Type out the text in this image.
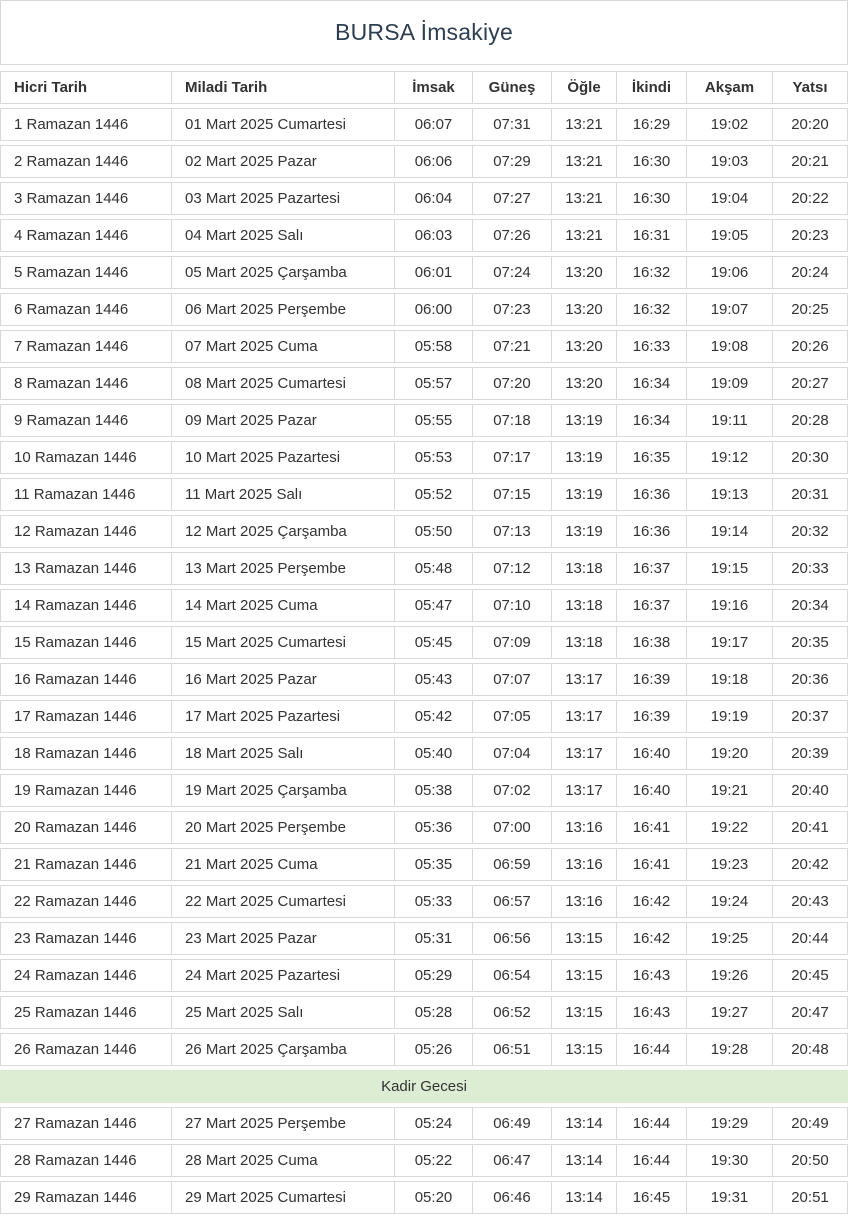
BURSA İmsakiye
Hicri Tarih	Miladi Tarih	İmsak	Güneş	Öğle	İkindi	Akşam	Yatsı
1 Ramazan 1446	01 Mart 2025 Cumartesi	06:07	07:31	13:21	16:29	19:02	20:20
2 Ramazan 1446	02 Mart 2025 Pazar	06:06	07:29	13:21	16:30	19:03	20:21
3 Ramazan 1446	03 Mart 2025 Pazartesi	06:04	07:27	13:21	16:30	19:04	20:22
4 Ramazan 1446	04 Mart 2025 Salı	06:03	07:26	13:21	16:31	19:05	20:23
5 Ramazan 1446	05 Mart 2025 Çarşamba	06:01	07:24	13:20	16:32	19:06	20:24
6 Ramazan 1446	06 Mart 2025 Perşembe	06:00	07:23	13:20	16:32	19:07	20:25
7 Ramazan 1446	07 Mart 2025 Cuma	05:58	07:21	13:20	16:33	19:08	20:26
8 Ramazan 1446	08 Mart 2025 Cumartesi	05:57	07:20	13:20	16:34	19:09	20:27
9 Ramazan 1446	09 Mart 2025 Pazar	05:55	07:18	13:19	16:34	19:11	20:28
10 Ramazan 1446	10 Mart 2025 Pazartesi	05:53	07:17	13:19	16:35	19:12	20:30
11 Ramazan 1446	11 Mart 2025 Salı	05:52	07:15	13:19	16:36	19:13	20:31
12 Ramazan 1446	12 Mart 2025 Çarşamba	05:50	07:13	13:19	16:36	19:14	20:32
13 Ramazan 1446	13 Mart 2025 Perşembe	05:48	07:12	13:18	16:37	19:15	20:33
14 Ramazan 1446	14 Mart 2025 Cuma	05:47	07:10	13:18	16:37	19:16	20:34
15 Ramazan 1446	15 Mart 2025 Cumartesi	05:45	07:09	13:18	16:38	19:17	20:35
16 Ramazan 1446	16 Mart 2025 Pazar	05:43	07:07	13:17	16:39	19:18	20:36
17 Ramazan 1446	17 Mart 2025 Pazartesi	05:42	07:05	13:17	16:39	19:19	20:37
18 Ramazan 1446	18 Mart 2025 Salı	05:40	07:04	13:17	16:40	19:20	20:39
19 Ramazan 1446	19 Mart 2025 Çarşamba	05:38	07:02	13:17	16:40	19:21	20:40
20 Ramazan 1446	20 Mart 2025 Perşembe	05:36	07:00	13:16	16:41	19:22	20:41
21 Ramazan 1446	21 Mart 2025 Cuma	05:35	06:59	13:16	16:41	19:23	20:42
22 Ramazan 1446	22 Mart 2025 Cumartesi	05:33	06:57	13:16	16:42	19:24	20:43
23 Ramazan 1446	23 Mart 2025 Pazar	05:31	06:56	13:15	16:42	19:25	20:44
24 Ramazan 1446	24 Mart 2025 Pazartesi	05:29	06:54	13:15	16:43	19:26	20:45
25 Ramazan 1446	25 Mart 2025 Salı	05:28	06:52	13:15	16:43	19:27	20:47
26 Ramazan 1446	26 Mart 2025 Çarşamba	05:26	06:51	13:15	16:44	19:28	20:48
Kadir Gecesi							
27 Ramazan 1446	27 Mart 2025 Perşembe	05:24	06:49	13:14	16:44	19:29	20:49
28 Ramazan 1446	28 Mart 2025 Cuma	05:22	06:47	13:14	16:44	19:30	20:50
29 Ramazan 1446	29 Mart 2025 Cumartesi	05:20	06:46	13:14	16:45	19:31	20:51
